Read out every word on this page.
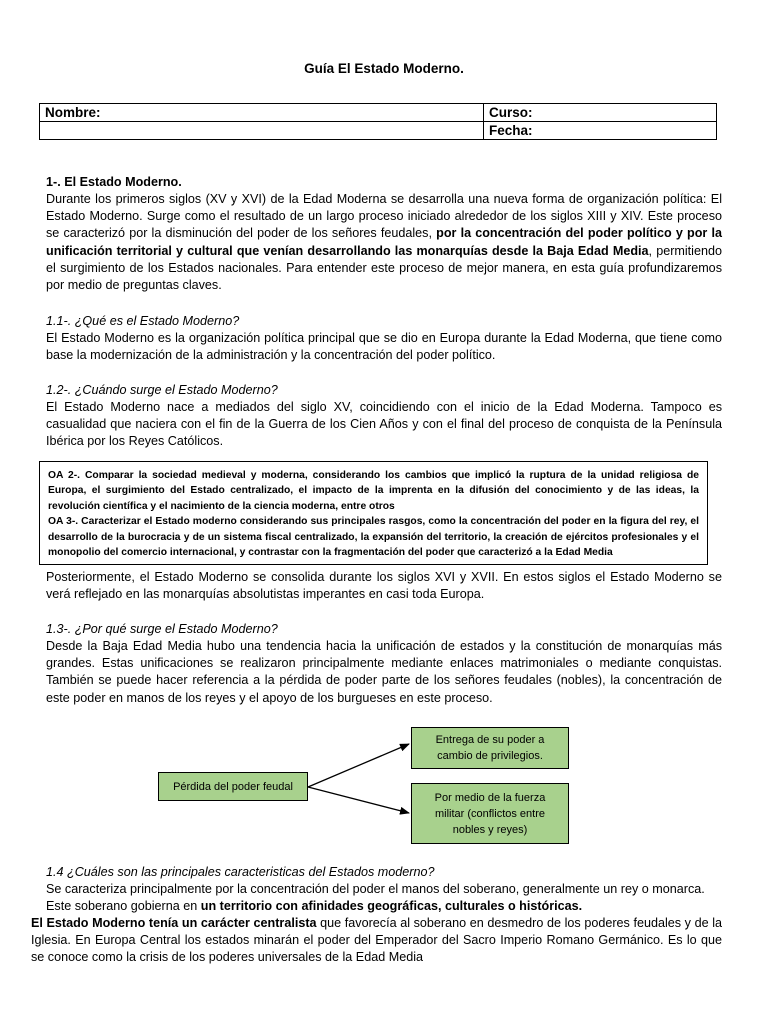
Guía El Estado Moderno.
Nombre:	Curso:
	Fecha:

1-. El Estado Moderno.

Durante los primeros siglos (XV y XVI) de la Edad Moderna se desarrolla una nueva forma de organización política: El Estado Moderno. Surge como el resultado de un largo proceso iniciado alrededor de los siglos XIII y XIV. Este proceso se caracterizó por la disminución del poder de los señores feudales, por la concentración del poder político y por la unificación territorial y cultural que venían desarrollando las monarquías desde la Baja Edad Media, permitiendo el surgimiento de los Estados nacionales. Para entender este proceso de mejor manera, en esta guía profundizaremos por medio de preguntas claves.

1.1-. ¿Qué es el Estado Moderno?

El Estado Moderno es la organización política principal que se dio en Europa durante la Edad Moderna, que tiene como base la modernización de la administración y la concentración del poder político.

1.2-. ¿Cuándo surge el Estado Moderno?

El Estado Moderno nace a mediados del siglo XV, coincidiendo con el inicio de la Edad Moderna. Tampoco es casualidad que naciera con el fin de la Guerra de los Cien Años y con el final del proceso de conquista de la Península Ibérica por los Reyes Católicos.

OA 2-. Comparar la sociedad medieval y moderna, considerando los cambios que implicó la ruptura de la unidad religiosa de Europa, el surgimiento del Estado centralizado, el impacto de la imprenta en la difusión del conocimiento y de las ideas, la revolución científica y el nacimiento de la ciencia moderna, entre otros
OA 3-. Caracterizar el Estado moderno considerando sus principales rasgos, como la concentración del poder en la figura del rey, el desarrollo de la burocracia y de un sistema fiscal centralizado, la expansión del territorio, la creación de ejércitos profesionales y el monopolio del comercio internacional, y contrastar con la fragmentación del poder que caracterizó a la Edad Media

Posteriormente, el Estado Moderno se consolida durante los siglos XVI y XVII. En estos siglos el Estado Moderno se verá reflejado en las monarquías absolutistas imperantes en casi toda Europa.

1.3-. ¿Por qué surge el Estado Moderno?

Desde la Baja Edad Media hubo una tendencia hacia la unificación de estados y la constitución de monarquías más grandes. Estas unificaciones se realizaron principalmente mediante enlaces matrimoniales o mediante conquistas. También se puede hacer referencia a la pérdida de poder parte de los señores feudales (nobles), la concentración de este poder en manos de los reyes y el apoyo de los burgueses en este proceso.

Pérdida del poder feudal
Entrega de su poder a cambio de privilegios.
Por medio de la fuerza militar (conflictos entre nobles y reyes)

1.4 ¿Cuáles son las principales caracteristicas del Estados moderno?

Se caracteriza principalmente por la concentración del poder el manos del soberano, generalmente un rey o monarca.

Este soberano gobierna en un territorio con afinidades geográficas, culturales o históricas.

El Estado Moderno tenía un carácter centralista que favorecía al soberano en desmedro de los poderes feudales y de la Iglesia. En Europa Central los estados minarán el poder del Emperador del Sacro Imperio Romano Germánico. Es lo que se conoce como la crisis de los poderes universales de la Edad Media
